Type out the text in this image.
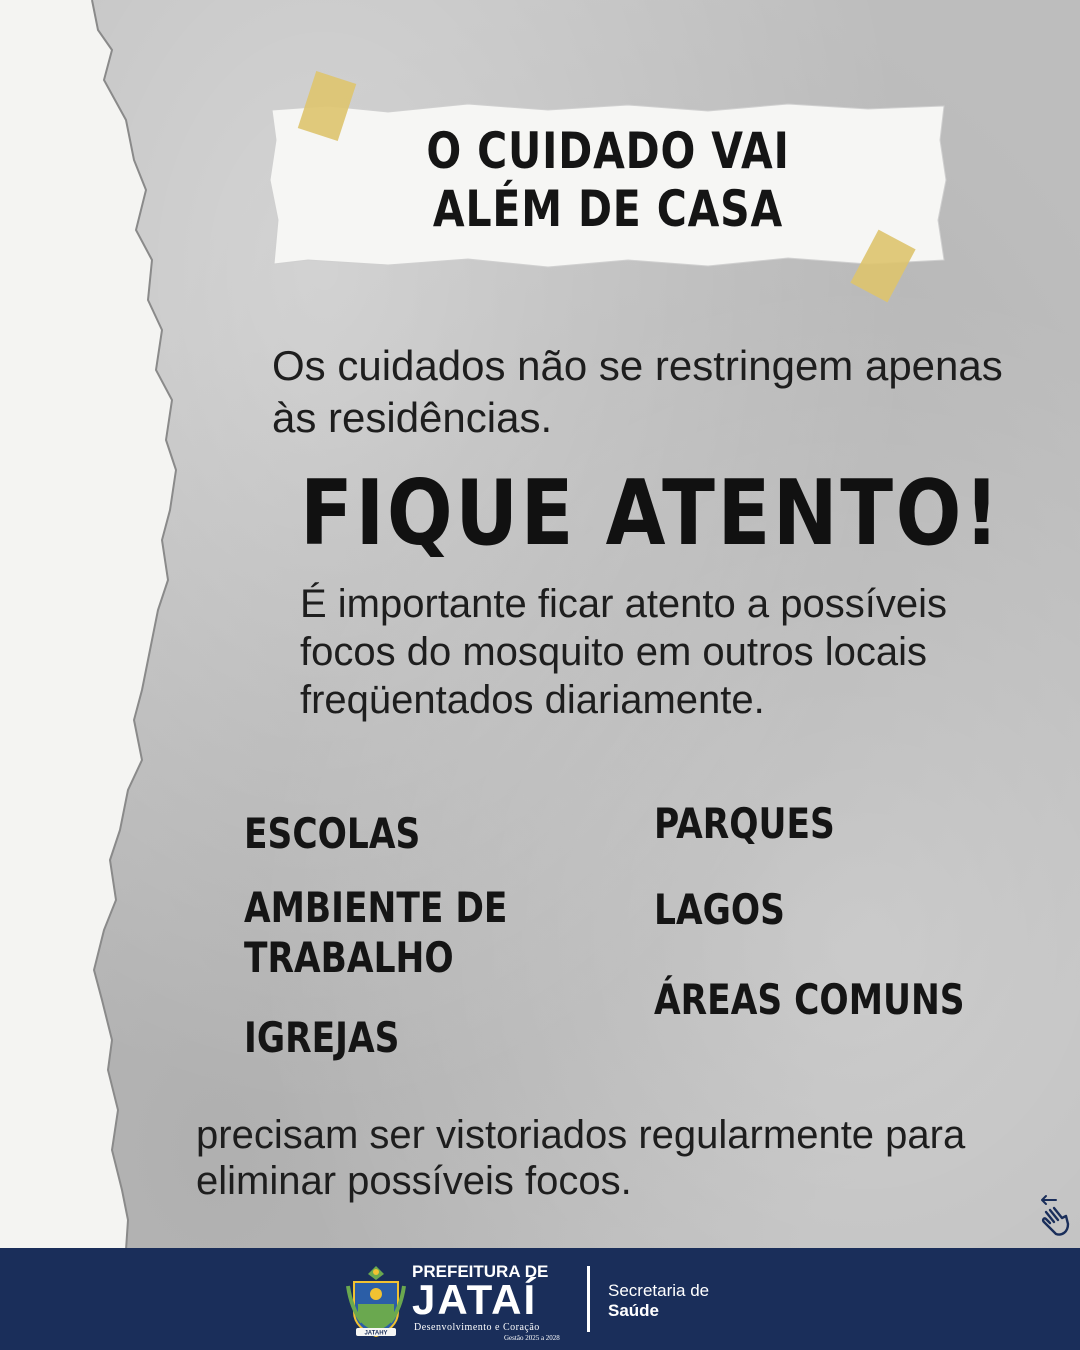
O CUIDADO VAI
ALÉM DE CASA
Os cuidados não se restringem apenas às residências.
FIQUE ATENTO!
É importante ficar atento a possíveis focos do mosquito em outros locais freqüentados diariamente.
ESCOLAS
AMBIENTE DE
TRABALHO
IGREJAS
PARQUES
LAGOS
ÁREAS COMUNS
precisam ser vistoriados regularmente para eliminar possíveis focos.
JATAHY
PREFEITURA DE
JATAÍ
Desenvolvimento e Coração
Gestão 2025 a 2028
Secretaria de
Saúde
